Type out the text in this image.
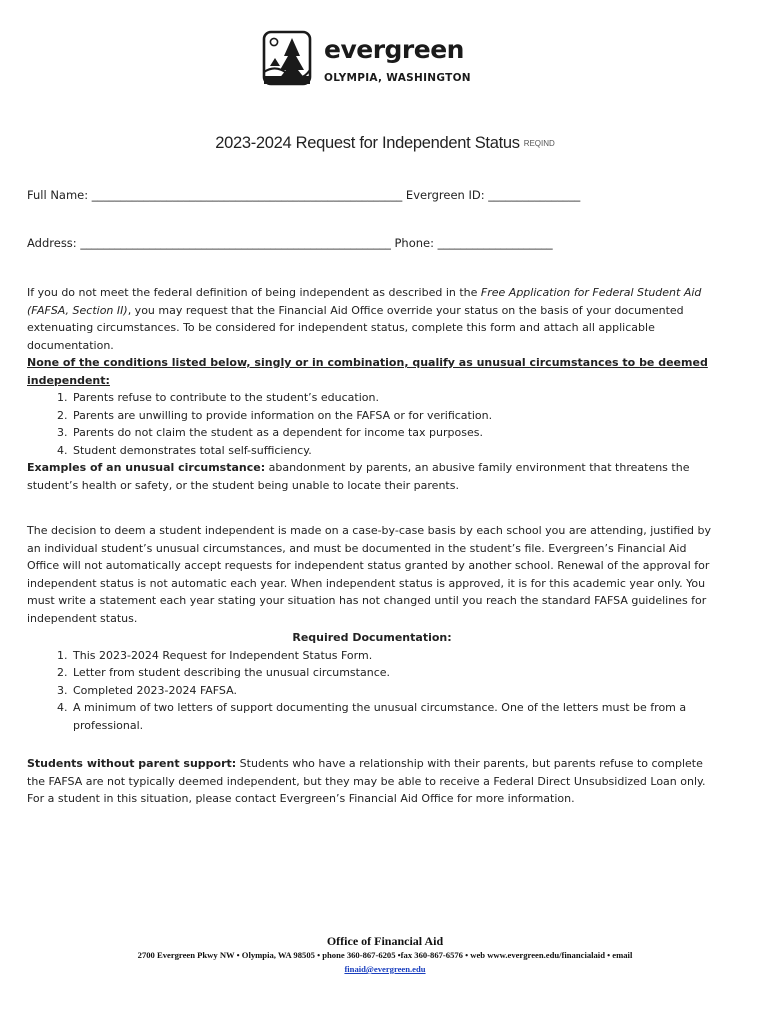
evergreen
OLYMPIA, WASHINGTON
2023-2024 Request for Independent Status REQIND
Full Name: ______________________________________________________ Evergreen ID: ________________
Address: ______________________________________________________ Phone: ____________________

If you do not meet the federal definition of being independent as described in the Free Application for Federal Student Aid (FAFSA, Section II), you may request that the Financial Aid Office override your status on the basis of your documented extenuating circumstances. To be considered for independent status, complete this form and attach all applicable documentation.

None of the conditions listed below, singly or in combination, qualify as unusual circumstances to be deemed independent:

1. Parents refuse to contribute to the student’s education.
2. Parents are unwilling to provide information on the FAFSA or for verification.
3. Parents do not claim the student as a dependent for income tax purposes.
4. Student demonstrates total self-sufficiency.

Examples of an unusual circumstance: abandonment by parents, an abusive family environment that threatens the student’s health or safety, or the student being unable to locate their parents.

The decision to deem a student independent is made on a case-by-case basis by each school you are attending, justified by an individual student’s unusual circumstances, and must be documented in the student’s file. Evergreen’s Financial Aid Office will not automatically accept requests for independent status granted by another school. Renewal of the approval for independent status is not automatic each year. When independent status is approved, it is for this academic year only. You must write a statement each year stating your situation has not changed until you reach the standard FAFSA guidelines for independent status.

Required Documentation:

1. This 2023-2024 Request for Independent Status Form.
2. Letter from student describing the unusual circumstance.
3. Completed 2023-2024 FAFSA.
4. A minimum of two letters of support documenting the unusual circumstance. One of the letters must be from a professional.

Students without parent support: Students who have a relationship with their parents, but parents refuse to complete the FAFSA are not typically deemed independent, but they may be able to receive a Federal Direct Unsubsidized Loan only. For a student in this situation, please contact Evergreen’s Financial Aid Office for more information.

Office of Financial Aid
2700 Evergreen Pkwy NW • Olympia, WA 98505 • phone 360-867-6205 •fax 360-867-6576 • web www.evergreen.edu/financialaid • email
finaid@evergreen.edu
